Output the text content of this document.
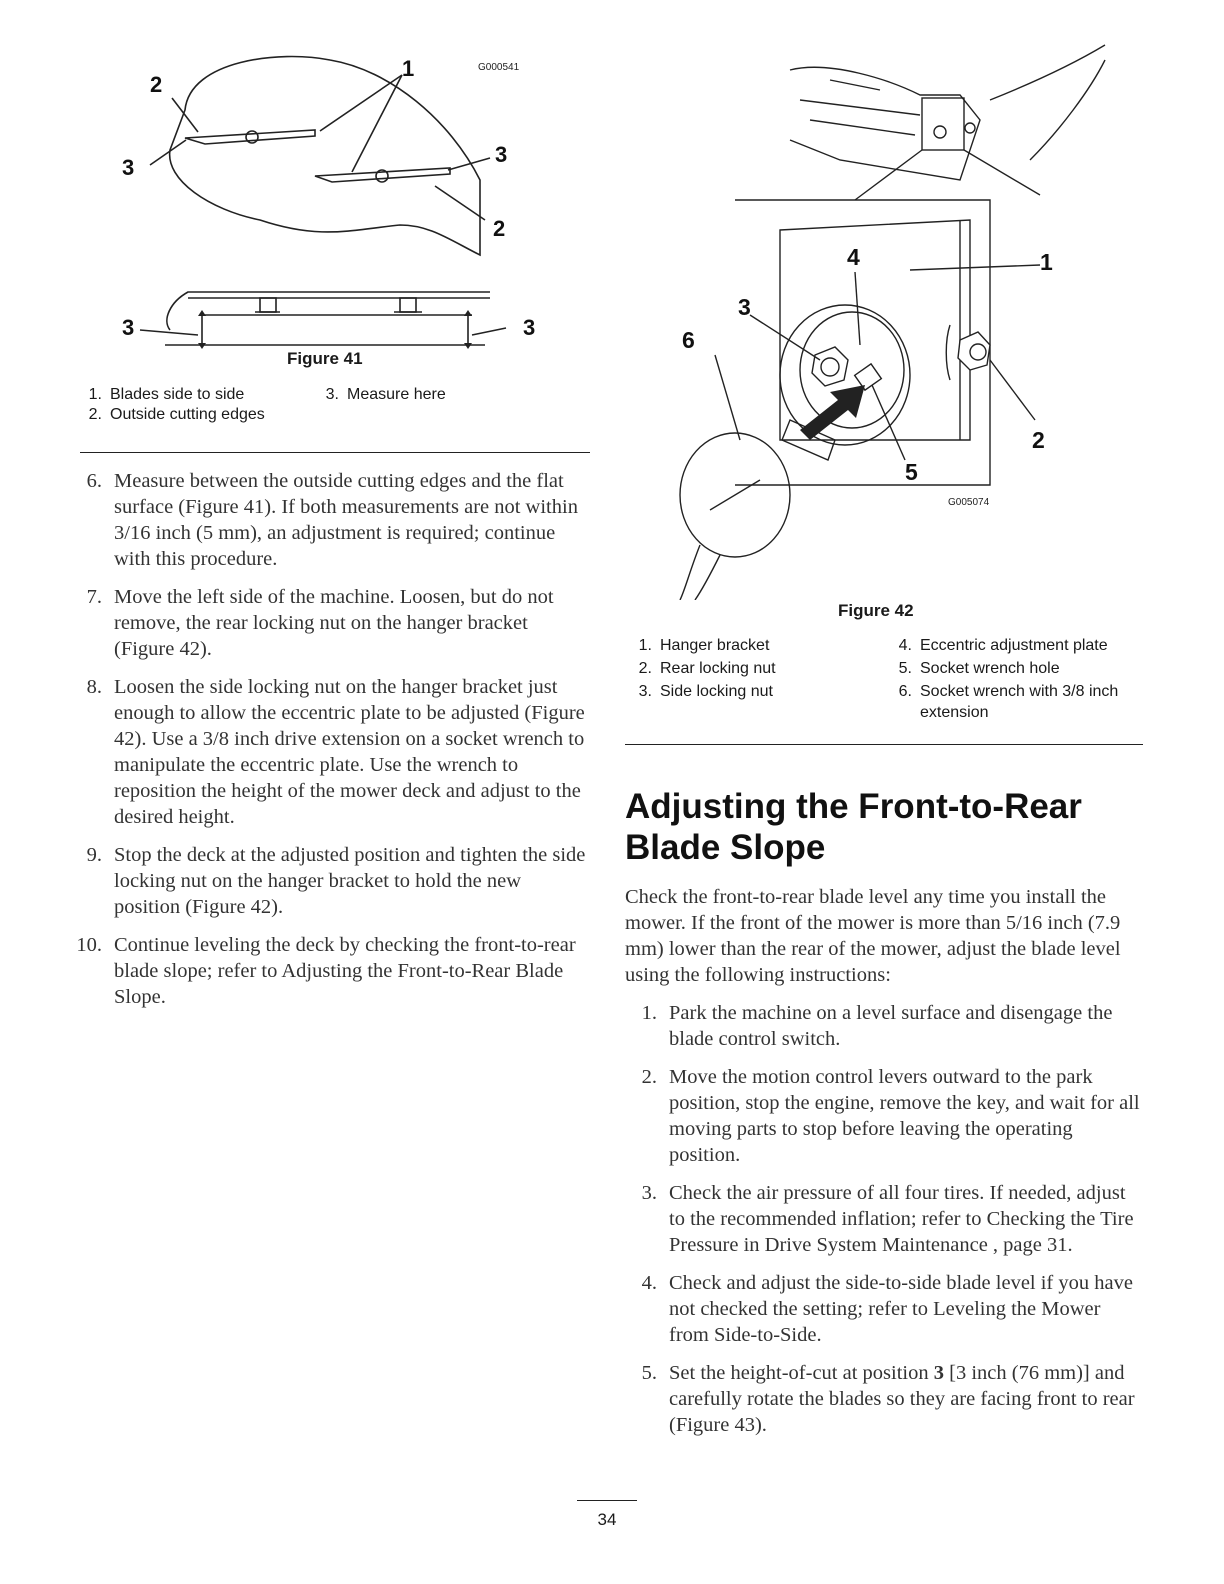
1
2
2
3
3
3	3
G000541
Figure 41
1. Blades side to side
2. Outside cutting edges
3. Measure here
6. Measure between the outside cutting edges and the flat surface (Figure 41). If both measurements are not within 3/16 inch (5 mm), an adjustment is required; continue with this procedure.
7. Move the left side of the machine. Loosen, but do not remove, the rear locking nut on the hanger bracket (Figure 42).
8. Loosen the side locking nut on the hanger bracket just enough to allow the eccentric plate to be adjusted (Figure 42). Use a 3/8 inch drive extension on a socket wrench to manipulate the eccentric plate. Use the wrench to reposition the height of the mower deck and adjust to the desired height.
9. Stop the deck at the adjusted position and tighten the side locking nut on the hanger bracket to hold the new position (Figure 42).
10. Continue leveling the deck by checking the front-to-rear blade slope; refer to Adjusting the Front-to-Rear Blade Slope.
1
2
3
4
5
6
G005074
Figure 42
1. Hanger bracket
2. Rear locking nut
3. Side locking nut
4. Eccentric adjustment plate
5. Socket wrench hole
6. Socket wrench with 3/8 inch extension
Adjusting the Front-to-Rear Blade Slope

Check the front-to-rear blade level any time you install the mower. If the front of the mower is more than 5/16 inch (7.9 mm) lower than the rear of the mower, adjust the blade level using the following instructions:

1. Park the machine on a level surface and disengage the blade control switch.
2. Move the motion control levers outward to the park position, stop the engine, remove the key, and wait for all moving parts to stop before leaving the operating position.
3. Check the air pressure of all four tires. If needed, adjust to the recommended inflation; refer to Checking the Tire Pressure in Drive System Maintenance , page 31.
4. Check and adjust the side-to-side blade level if you have not checked the setting; refer to Leveling the Mower from Side-to-Side.
5. Set the height-of-cut at position 3 [3 inch (76 mm)] and carefully rotate the blades so they are facing front to rear (Figure 43).
34
